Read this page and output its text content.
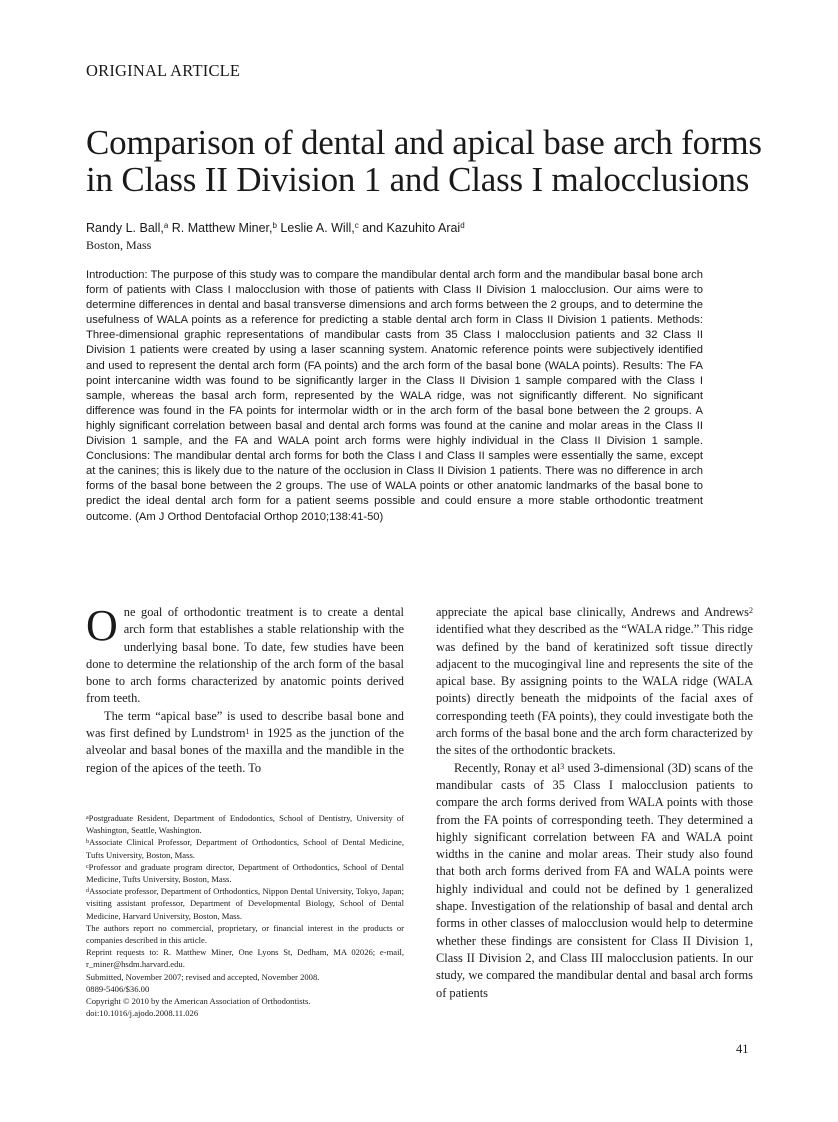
ORIGINAL ARTICLE
Comparison of dental and apical base arch forms
in Class II Division 1 and Class I malocclusions
Randy L. Ball,$^a$ R. Matthew Miner,$^b$ Leslie A. Will,$^c$ and Kazuhito Arai$^d$
Boston, Mass
Introduction: The purpose of this study was to compare the mandibular dental arch form and the mandibular basal bone arch form of patients with Class I malocclusion with those of patients with Class II Division 1 malocclusion. Our aims were to determine differences in dental and basal transverse dimensions and arch forms between the 2 groups, and to determine the usefulness of WALA points as a reference for predicting a stable dental arch form in Class II Division 1 patients. Methods: Three-dimensional graphic representations of mandibular casts from 35 Class I malocclusion patients and 32 Class II Division 1 patients were created by using a laser scanning system. Anatomic reference points were subjectively identified and used to represent the dental arch form (FA points) and the arch form of the basal bone (WALA points). Results: The FA point intercanine width was found to be significantly larger in the Class II Division 1 sample compared with the Class I sample, whereas the basal arch form, represented by the WALA ridge, was not significantly different. No significant difference was found in the FA points for intermolar width or in the arch form of the basal bone between the 2 groups. A highly significant correlation between basal and dental arch forms was found at the canine and molar areas in the Class II Division 1 sample, and the FA and WALA point arch forms were highly individual in the Class II Division 1 sample. Conclusions: The mandibular dental arch forms for both the Class I and Class II samples were essentially the same, except at the canines; this is likely due to the nature of the occlusion in Class II Division 1 patients. There was no difference in arch forms of the basal bone between the 2 groups. The use of WALA points or other anatomic landmarks of the basal bone to predict the ideal dental arch form for a patient seems possible and could ensure a more stable orthodontic treatment outcome. (Am J Orthod Dentofacial Orthop 2010;138:41-50)

One goal of orthodontic treatment is to create a dental arch form that establishes a stable relationship with the underlying basal bone. To date, few studies have been done to determine the relationship of the arch form of the basal bone to arch forms characterized by anatomic points derived from teeth.

The term “apical base” is used to describe basal bone and was first defined by Lundstrom$^1$ in 1925 as the junction of the alveolar and basal bones of the maxilla and the mandible in the region of the apices of the teeth. To

$^a$Postgraduate Resident, Department of Endodontics, School of Dentistry, University of Washington, Seattle, Washington.

$^b$Associate Clinical Professor, Department of Orthodontics, School of Dental Medicine, Tufts University, Boston, Mass.

$^c$Professor and graduate program director, Department of Orthodontics, School of Dental Medicine, Tufts University, Boston, Mass.

$^d$Associate professor, Department of Orthodontics, Nippon Dental University, Tokyo, Japan; visiting assistant professor, Department of Developmental Biology, School of Dental Medicine, Harvard University, Boston, Mass.

The authors report no commercial, proprietary, or financial interest in the products or companies described in this article.

Reprint requests to: R. Matthew Miner, One Lyons St, Dedham, MA 02026; e-mail, r_miner@hsdm.harvard.edu.

Submitted, November 2007; revised and accepted, November 2008.

0889-5406/$36.00

Copyright © 2010 by the American Association of Orthodontists.

doi:10.1016/j.ajodo.2008.11.026

appreciate the apical base clinically, Andrews and Andrews$^2$ identified what they described as the “WALA ridge.” This ridge was defined by the band of keratinized soft tissue directly adjacent to the mucogingival line and represents the site of the apical base. By assigning points to the WALA ridge (WALA points) directly beneath the midpoints of the facial axes of corresponding teeth (FA points), they could investigate both the arch forms of the basal bone and the arch form characterized by the sites of the orthodontic brackets.

Recently, Ronay et $al^3$ used 3-dimensional (3D) scans of the mandibular casts of 35 Class I malocclusion patients to compare the arch forms derived from WALA points with those from the FA points of corresponding teeth. They determined a highly significant correlation between FA and WALA point widths in the canine and molar areas. Their study also found that both arch forms derived from FA and WALA points were highly individual and could not be defined by 1 generalized shape. Investigation of the relationship of basal and dental arch forms in other classes of malocclusion would help to determine whether these findings are consistent for Class II Division 1, Class II Division 2, and Class III malocclusion patients. In our study, we compared the mandibular dental and basal arch forms of patients

41
